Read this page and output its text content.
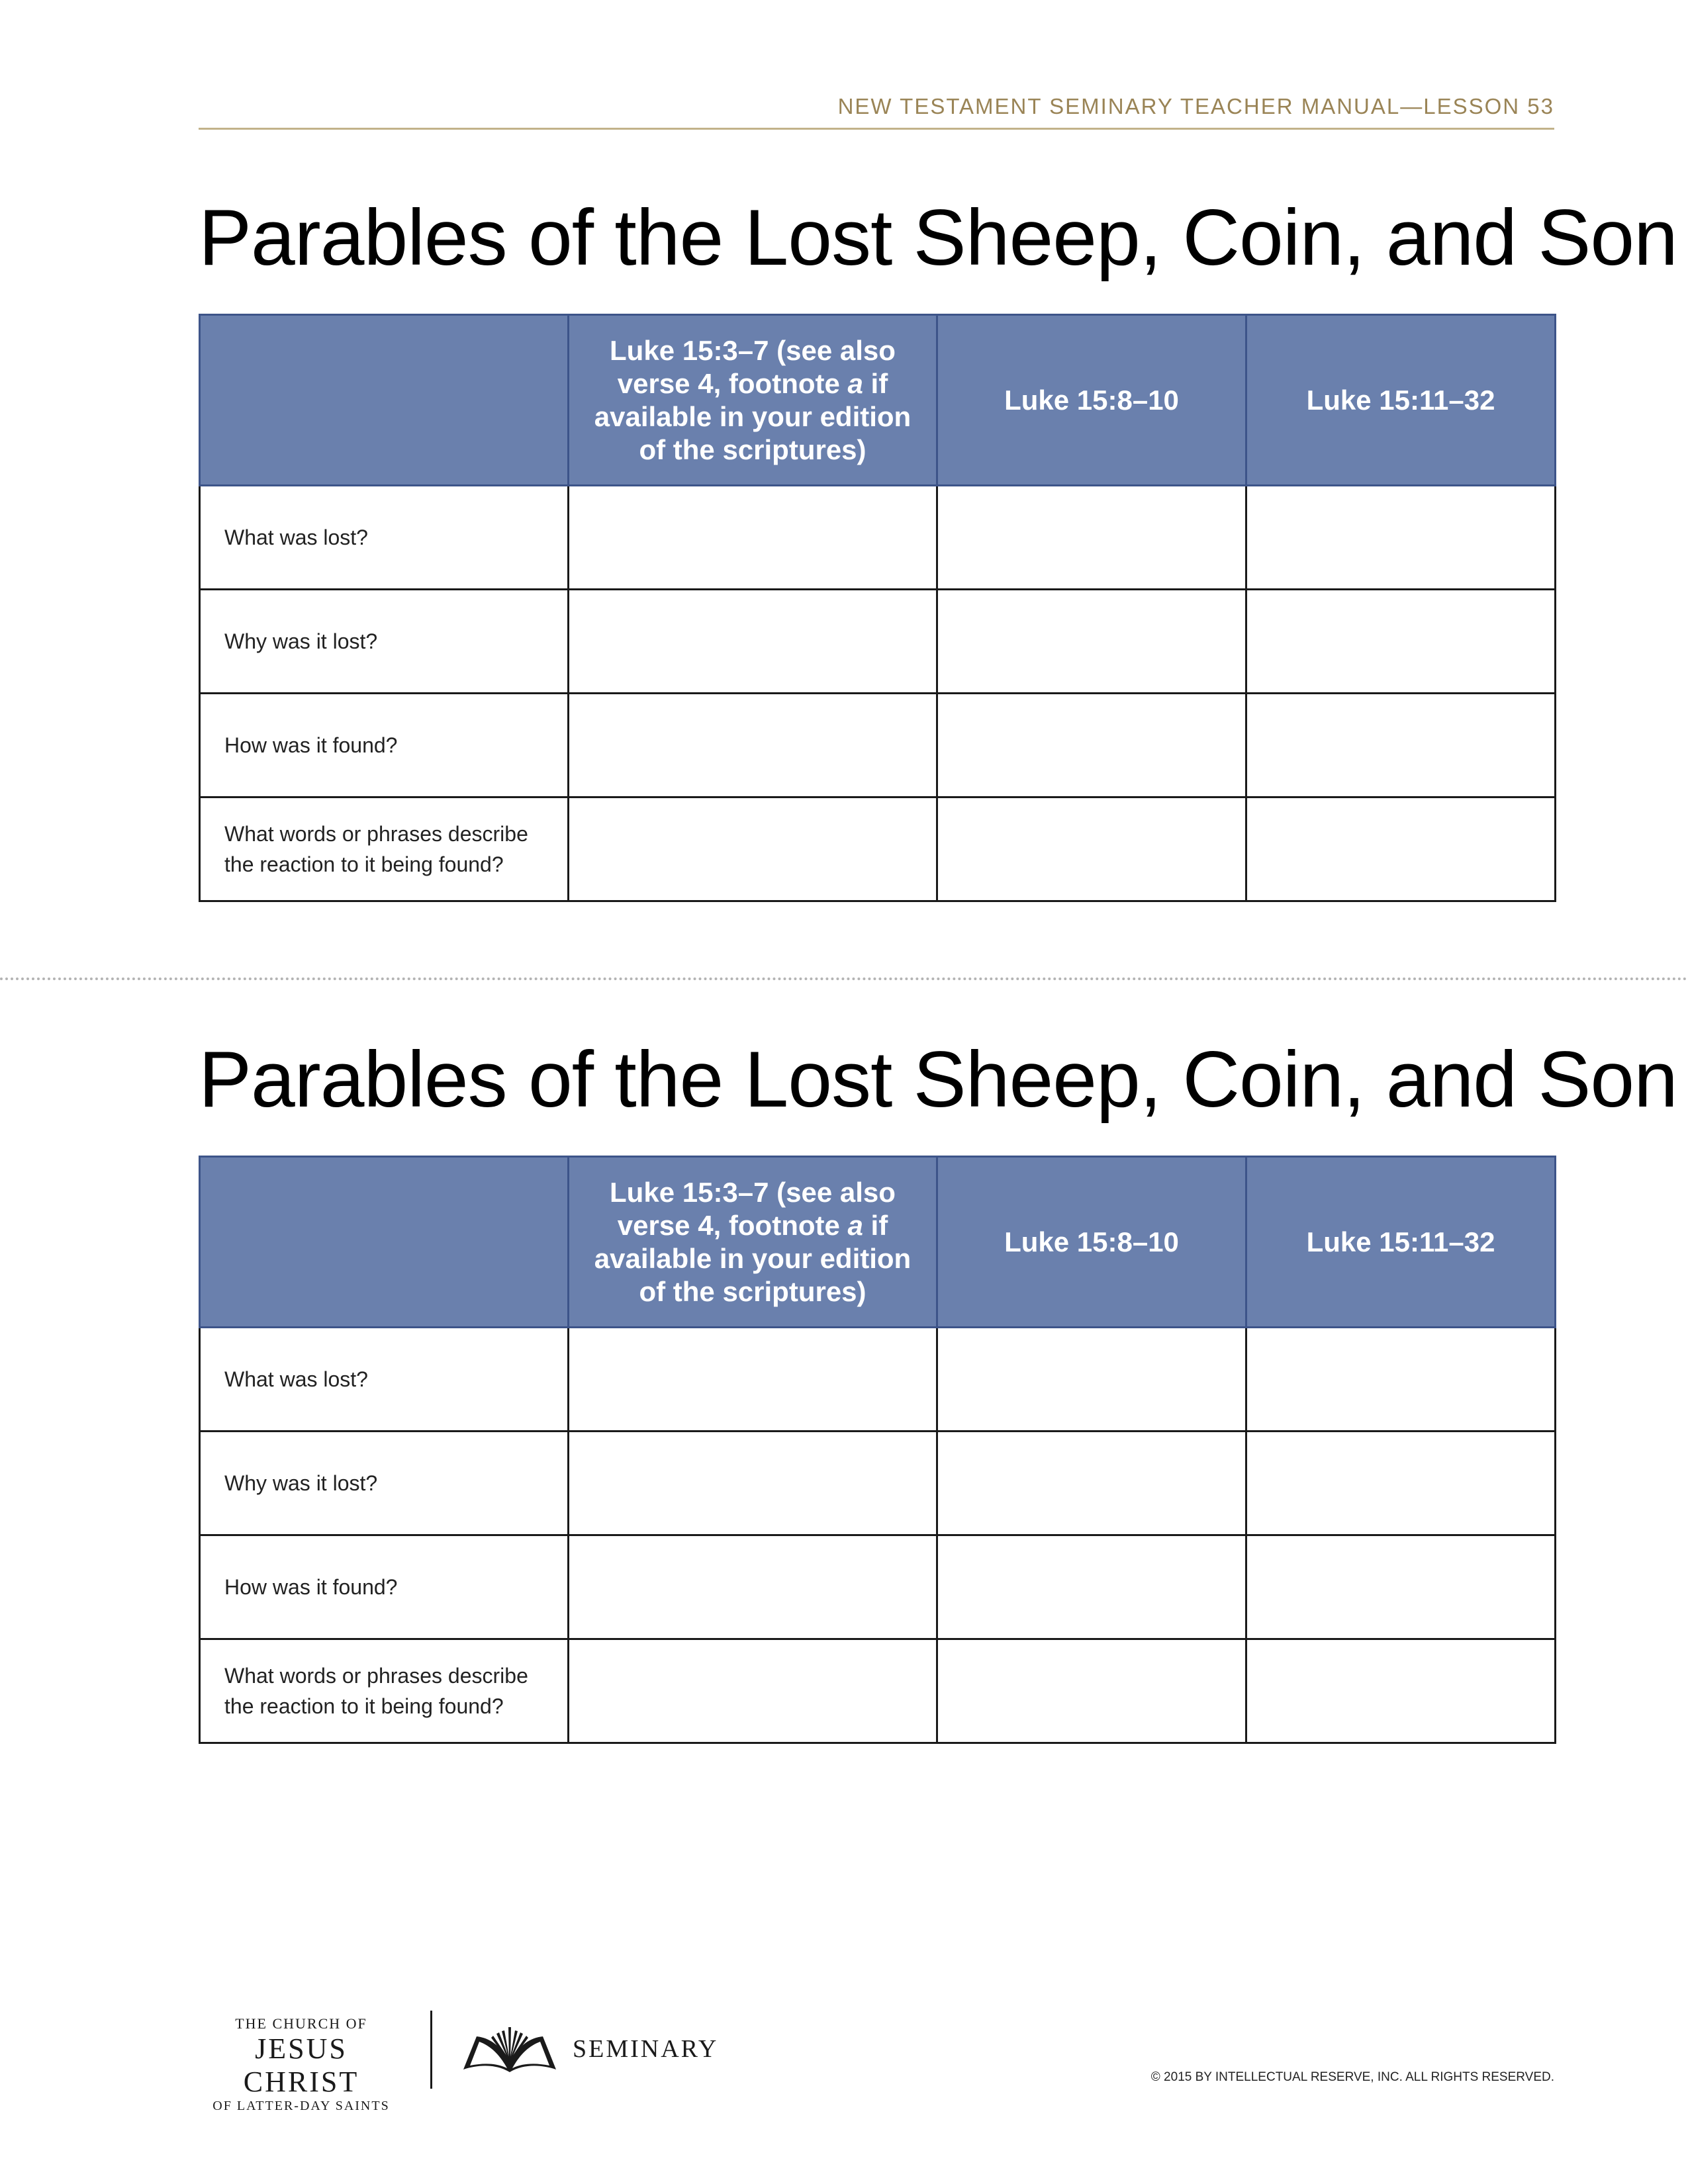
NEW TESTAMENT SEMINARY TEACHER MANUAL—LESSON 53
Parables of the Lost Sheep, Coin, and Son
	Luke 15:3–7 (see also verse 4, footnote a if available in your edition of the scriptures)	Luke 15:8–10	Luke 15:11–32
What was lost?			
Why was it lost?			
How was it found?			
What words or phrases describe the reaction to it being found?			
Parables of the Lost Sheep, Coin, and Son
	Luke 15:3–7 (see also verse 4, footnote a if available in your edition of the scriptures)	Luke 15:8–10	Luke 15:11–32
What was lost?			
Why was it lost?			
How was it found?			
What words or phrases describe the reaction to it being found?			
THE CHURCH OF
JESUS CHRIST
OF LATTER-DAY SAINTS
SEMINARY
© 2015 BY INTELLECTUAL RESERVE, INC. ALL RIGHTS RESERVED.
